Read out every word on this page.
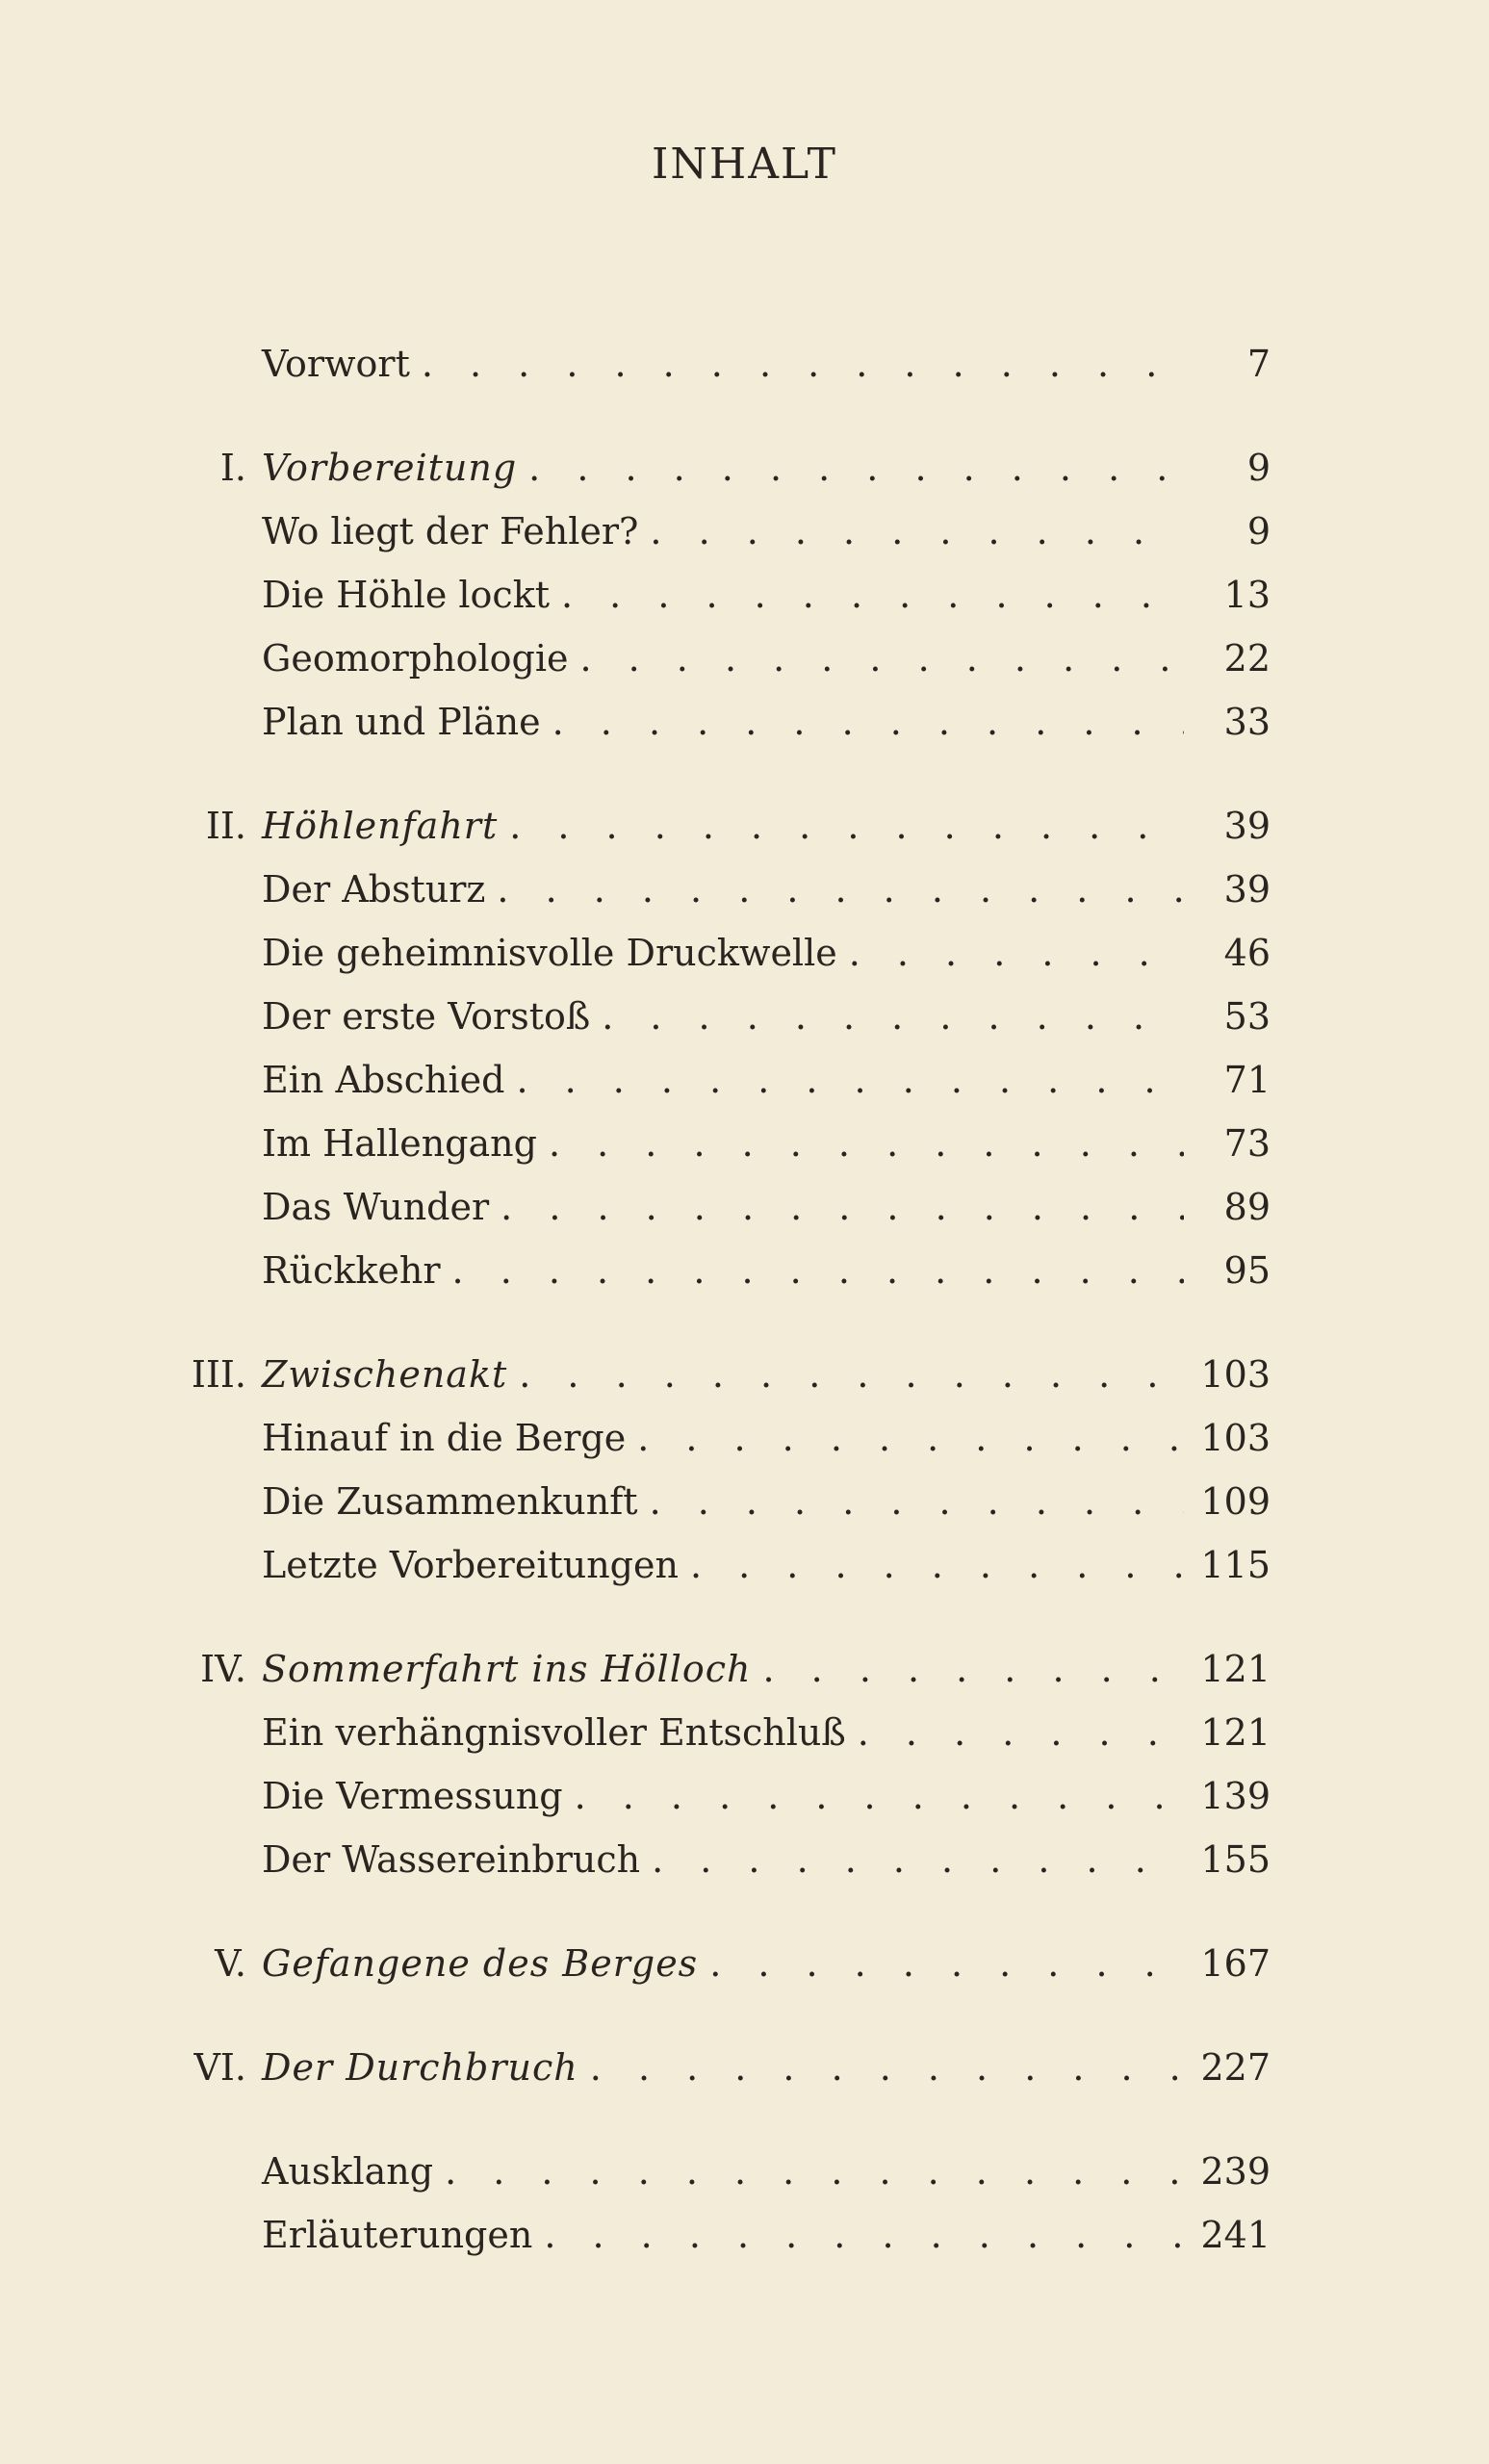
INHALT
Vorwort . . .	7
I. Vorbereitung . . .	9
Wo liegt der Fehler? . . .	9
Die Höhle lockt . . .	13
Geomorphologie . . .	22
Plan und Pläne . . .	33
II. Höhlenfahrt . . .	39
Der Absturz . . .	39
Die geheimnisvolle Druckwelle . . .	46
Der erste Vorstoß . . .	53
Ein Abschied . . .	71
Im Hallengang . . .	73
Das Wunder . . .	89
Rückkehr . . .	95
III. Zwischenakt . . .	103
Hinauf in die Berge . . .	103
Die Zusammenkunft . . .	109
Letzte Vorbereitungen . . .	115
IV. Sommerfahrt ins Hölloch . . .	121
Ein verhängnisvoller Entschluß . . .	121
Die Vermessung . . .	139
Der Wassereinbruch . . .	155
V. Gefangene des Berges . . .	167
VI. Der Durchbruch . . .	227
Ausklang . . .	239
Erläuterungen . . .	241
